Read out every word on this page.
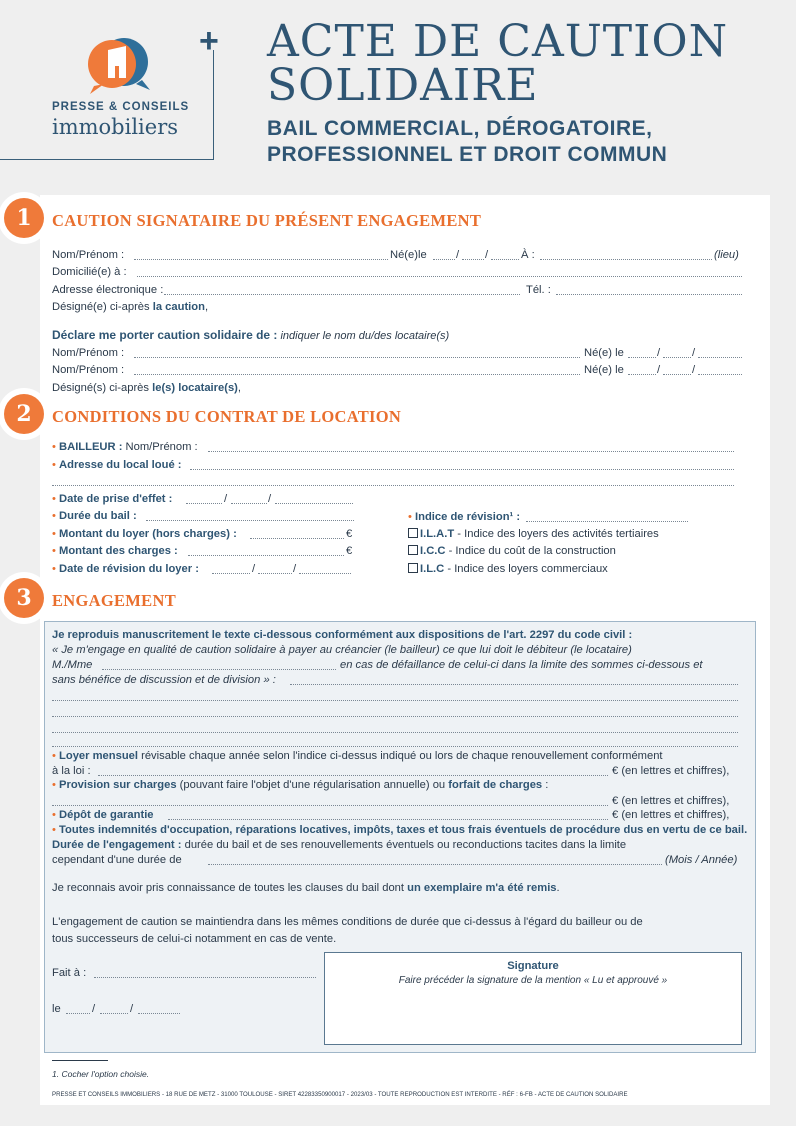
PRESSE & CONSEILS
immobiliers
+ ACTE DE CAUTION
SOLIDAIRE
BAIL COMMERCIAL, DÉROGATOIRE,
PROFESSIONNEL ET DROIT COMMUN
1	CAUTION SIGNATAIRE DU PRÉSENT ENGAGEMENT
Nom/Prénom :	Né(e)le	/ /	À :	(lieu)
Domicilié(e) à :
Adresse électronique :	Tél. :
Désigné(e) ci-après la caution,
Déclare me porter caution solidaire de : indiquer le nom du/des locataire(s)
Nom/Prénom :	Né(e) le	/	/
Nom/Prénom :	Né(e) le	/	/
Désigné(s) ci-après le(s) locataire(s),
2	CONDITIONS DU CONTRAT DE LOCATION
• BAILLEUR : Nom/Prénom :
• Adresse du local loué :
• Date de prise d'effet :	/	/
• Durée du bail :
• Montant du loyer (hors charges) :	€
• Montant des charges :	€
• Date de révision du loyer :	/	/
• Indice de révision¹ :
I.L.A.T - Indice des loyers des activités tertiaires
I.C.C - Indice du coût de la construction
I.L.C - Indice des loyers commerciaux
3	ENGAGEMENT
Je reproduis manuscritement le texte ci-dessous conformément aux dispositions de l'art. 2297 du code civil :
« Je m'engage en qualité de caution solidaire à payer au créancier (le bailleur) ce que lui doit le débiteur (le locataire)
M./Mme	en cas de défaillance de celui-ci dans la limite des sommes ci-dessous et
sans bénéfice de discussion et de division » :
• Loyer mensuel révisable chaque année selon l'indice ci-dessus indiqué ou lors de chaque renouvellement conformément
à la loi :	€ (en lettres et chiffres),
• Provision sur charges (pouvant faire l'objet d'une régularisation annuelle) ou forfait de charges :
€ (en lettres et chiffres),
• Dépôt de garantie	€ (en lettres et chiffres),
• Toutes indemnités d'occupation, réparations locatives, impôts, taxes et tous frais éventuels de procédure dus en vertu de ce bail.
Durée de l'engagement : durée du bail et de ses renouvellements éventuels ou reconductions tacites dans la limite
cependant d'une durée de	(Mois / Année)
Je reconnais avoir pris connaissance de toutes les clauses du bail dont un exemplaire m'a été remis.
L'engagement de caution se maintiendra dans les mêmes conditions de durée que ci-dessus à l'égard du bailleur ou de
tous successeurs de celui-ci notamment en cas de vente.
Fait à :
le	/	/
Signature
Faire précéder la signature de la mention « Lu et approuvé »
1. Cocher l'option choisie.
PRESSE ET CONSEILS IMMOBILIERS - 18 RUE DE METZ - 31000 TOULOUSE - SIRET 42283350900017 - 2023/03 - TOUTE REPRODUCTION EST INTERDITE - RÉF : 6-FB - ACTE DE CAUTION SOLIDAIRE
